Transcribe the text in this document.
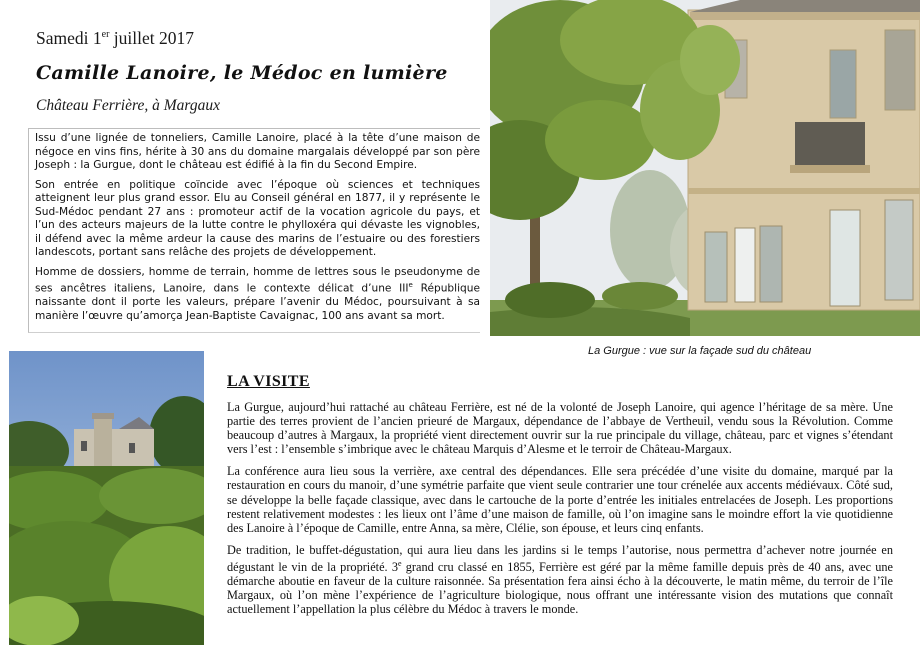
Samedi 1er juillet 2017
Camille Lanoire, le Médoc en lumière
Château Ferrière, à Margaux

Issu d’une lignée de tonneliers, Camille Lanoire, placé à la tête d’une maison de négoce en vins fins, hérite à 30 ans du domaine margalais développé par son père Joseph : la Gurgue, dont le château est édifié à la fin du Second Empire.

Son entrée en politique coïncide avec l’époque où sciences et techniques atteignent leur plus grand essor. Elu au Conseil général en 1877, il y représente le Sud-Médoc pendant 27 ans : promoteur actif de la vocation agricole du pays, et l’un des acteurs majeurs de la lutte contre le phylloxéra qui dévaste les vignobles, il défend avec la même ardeur la cause des marins de l’estuaire ou des forestiers landescots, portant sans relâche des projets de développement.

Homme de dossiers, homme de terrain, homme de lettres sous le pseudonyme de ses ancêtres italiens, Lanoire, dans le contexte délicat d’une IIIe République naissante dont il porte les valeurs, prépare l’avenir du Médoc, poursuivant à sa manière l’œuvre qu’amorça Jean-Baptiste Cavaignac, 100 ans avant sa mort.

La Gurgue : vue sur la façade sud du château
LA VISITE

La Gurgue, aujourd’hui rattaché au château Ferrière, est né de la volonté de Joseph Lanoire, qui agence l’héritage de sa mère. Une partie des terres provient de l’ancien prieuré de Margaux, dépendance de l’abbaye de Vertheuil, vendu sous la Révolution. Comme beaucoup d’autres à Margaux, la propriété vient directement ouvrir sur la rue principale du village, château, parc et vignes s’étendant vers l’est : l’ensemble s’imbrique avec le château Marquis d’Alesme et le terroir de Château-Margaux.

La conférence aura lieu sous la verrière, axe central des dépendances. Elle sera précédée d’une visite du domaine, marqué par la restauration en cours du manoir, d’une symétrie parfaite que vient seule contrarier une tour crénelée aux accents médiévaux. Côté sud, se développe la belle façade classique, avec dans le cartouche de la porte d’entrée les initiales entrelacées de Joseph. Les proportions restent relativement modestes : les lieux ont l’âme d’une maison de famille, où l’on imagine sans le moindre effort la vie quotidienne des Lanoire à l’époque de Camille, entre Anna, sa mère, Clélie, son épouse, et leurs cinq enfants.

De tradition, le buffet-dégustation, qui aura lieu dans les jardins si le temps l’autorise, nous permettra d’achever notre journée en dégustant le vin de la propriété. 3e grand cru classé en 1855, Ferrière est géré par la même famille depuis près de 40 ans, avec une démarche aboutie en faveur de la culture raisonnée. Sa présentation fera ainsi écho à la découverte, le matin même, du terroir de l’île Margaux, où l’on mène l’expérience de l’agriculture biologique, nous offrant une intéressante vision des mutations que connaît actuellement l’appellation la plus célèbre du Médoc à travers le monde.
